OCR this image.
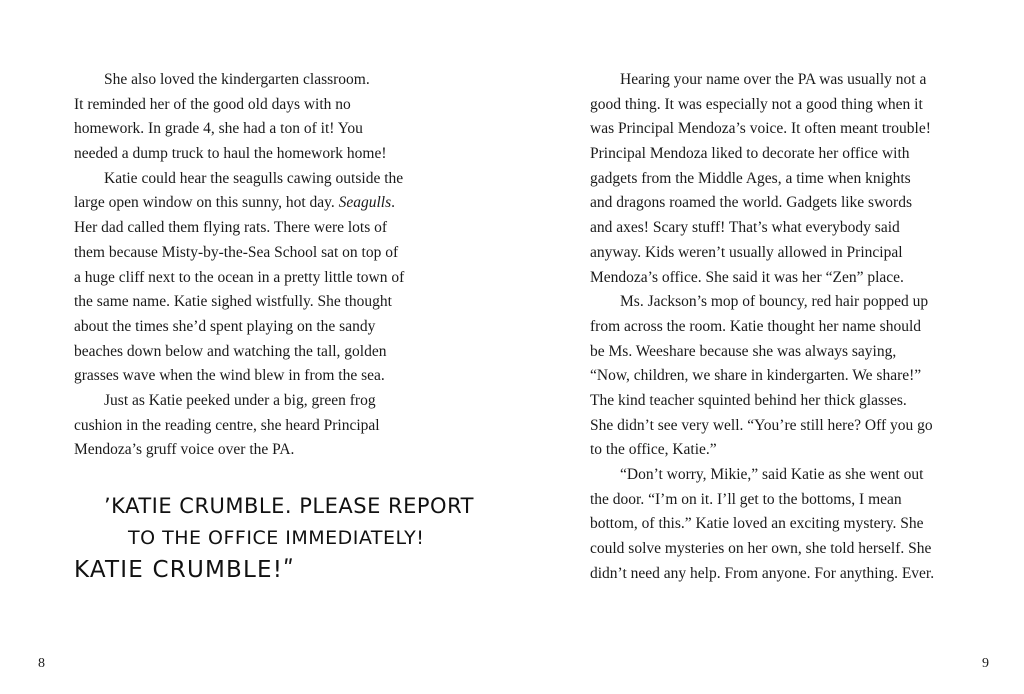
She also loved the kindergarten classroom.
It reminded her of the good old days with no
homework. In grade 4, she had a ton of it! You
needed a dump truck to haul the homework home!
Katie could hear the seagulls cawing outside the
large open window on this sunny, hot day. Seagulls.
Her dad called them flying rats. There were lots of
them because Misty-by-the-Sea School sat on top of
a huge cliff next to the ocean in a pretty little town of
the same name. Katie sighed wistfully. She thought
about the times she’d spent playing on the sandy
beaches down below and watching the tall, golden
grasses wave when the wind blew in from the sea.
Just as Katie peeked under a big, green frog
cushion in the reading centre, she heard Principal
Mendoza’s gruff voice over the PA.
ʼKATIE CRUMBLE. PLEASE REPORT
TO THE OFFICE IMMEDIATELY!
KATIE CRUMBLE!ʺ
8
Hearing your name over the PA was usually not a
good thing. It was especially not a good thing when it
was Principal Mendoza’s voice. It often meant trouble!
Principal Mendoza liked to decorate her office with
gadgets from the Middle Ages, a time when knights
and dragons roamed the world. Gadgets like swords
and axes! Scary stuff! That’s what everybody said
anyway. Kids weren’t usually allowed in Principal
Mendoza’s office. She said it was her “Zen” place.
Ms. Jackson’s mop of bouncy, red hair popped up
from across the room. Katie thought her name should
be Ms. Weeshare because she was always saying,
“Now, children, we share in kindergarten. We share!”
The kind teacher squinted behind her thick glasses.
She didn’t see very well. “You’re still here? Off you go
to the office, Katie.”
“Don’t worry, Mikie,” said Katie as she went out
the door. “I’m on it. I’ll get to the bottoms, I mean
bottom, of this.” Katie loved an exciting mystery. She
could solve mysteries on her own, she told herself. She
didn’t need any help. From anyone. For anything. Ever.
9
